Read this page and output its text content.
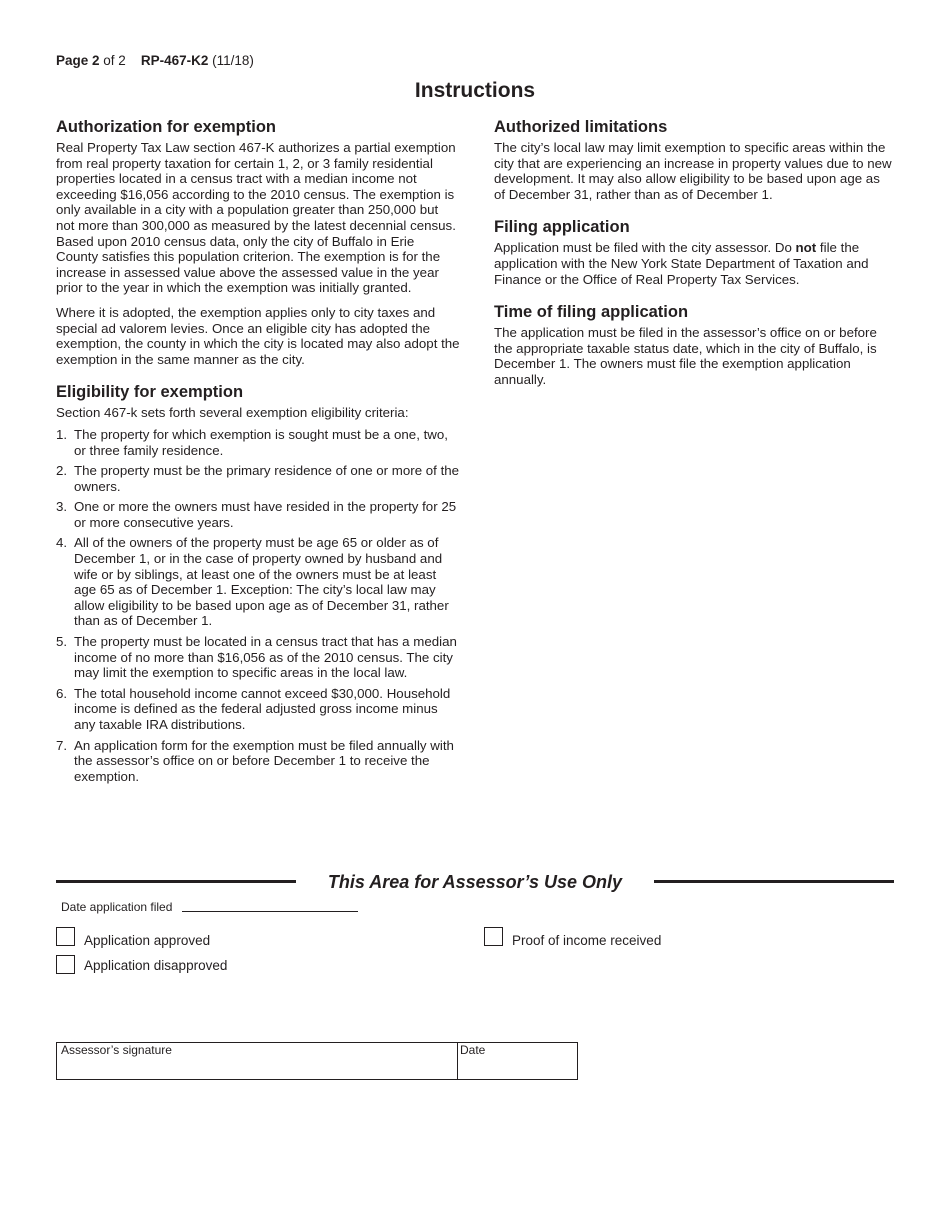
Page 2 of 2 RP-467-K2 (11/18)
Instructions
Authorization for exemption

Real Property Tax Law section 467-K authorizes a partial exemption from real property taxation for certain 1, 2, or 3 family residential properties located in a census tract with a median income not exceeding $16,056 according to the 2010 census. The exemption is only available in a city with a population greater than 250,000 but not more than 300,000 as measured by the latest decennial census. Based upon 2010 census data, only the city of Buffalo in Erie County satisfies this population criterion. The exemption is for the increase in assessed value above the assessed value in the year prior to the year in which the exemption was initially granted.

Where it is adopted, the exemption applies only to city taxes and special ad valorem levies. Once an eligible city has adopted the exemption, the county in which the city is located may also adopt the exemption in the same manner as the city.

Eligibility for exemption

Section 467-k sets forth several exemption eligibility criteria:

1. The property for which exemption is sought must be a one, two, or three family residence.
2. The property must be the primary residence of one or more of the owners.
3. One or more the owners must have resided in the property for 25 or more consecutive years.
4. All of the owners of the property must be age 65 or older as of December 1, or in the case of property owned by husband and wife or by siblings, at least one of the owners must be at least age 65 as of December 1. Exception: The city’s local law may allow eligibility to be based upon age as of December 31, rather than as of December 1.
5. The property must be located in a census tract that has a median income of no more than $16,056 as of the 2010 census. The city may limit the exemption to specific areas in the local law.
6. The total household income cannot exceed $30,000. Household income is defined as the federal adjusted gross income minus any taxable IRA distributions.
7. An application form for the exemption must be filed annually with the assessor’s office on or before December 1 to receive the exemption.
Authorized limitations

The city’s local law may limit exemption to specific areas within the city that are experiencing an increase in property values due to new development. It may also allow eligibility to be based upon age as of December 31, rather than as of December 1.

Filing application

Application must be filed with the city assessor. Do not file the application with the New York State Department of Taxation and Finance or the Office of Real Property Tax Services.

Time of filing application

The application must be filed in the assessor’s office on or before the appropriate taxable status date, which in the city of Buffalo, is December 1. The owners must file the exemption application annually.

This Area for Assessor’s Use Only
Date application filed
Application approved
Application disapproved
Proof of income received
Assessor’s signature	Date
